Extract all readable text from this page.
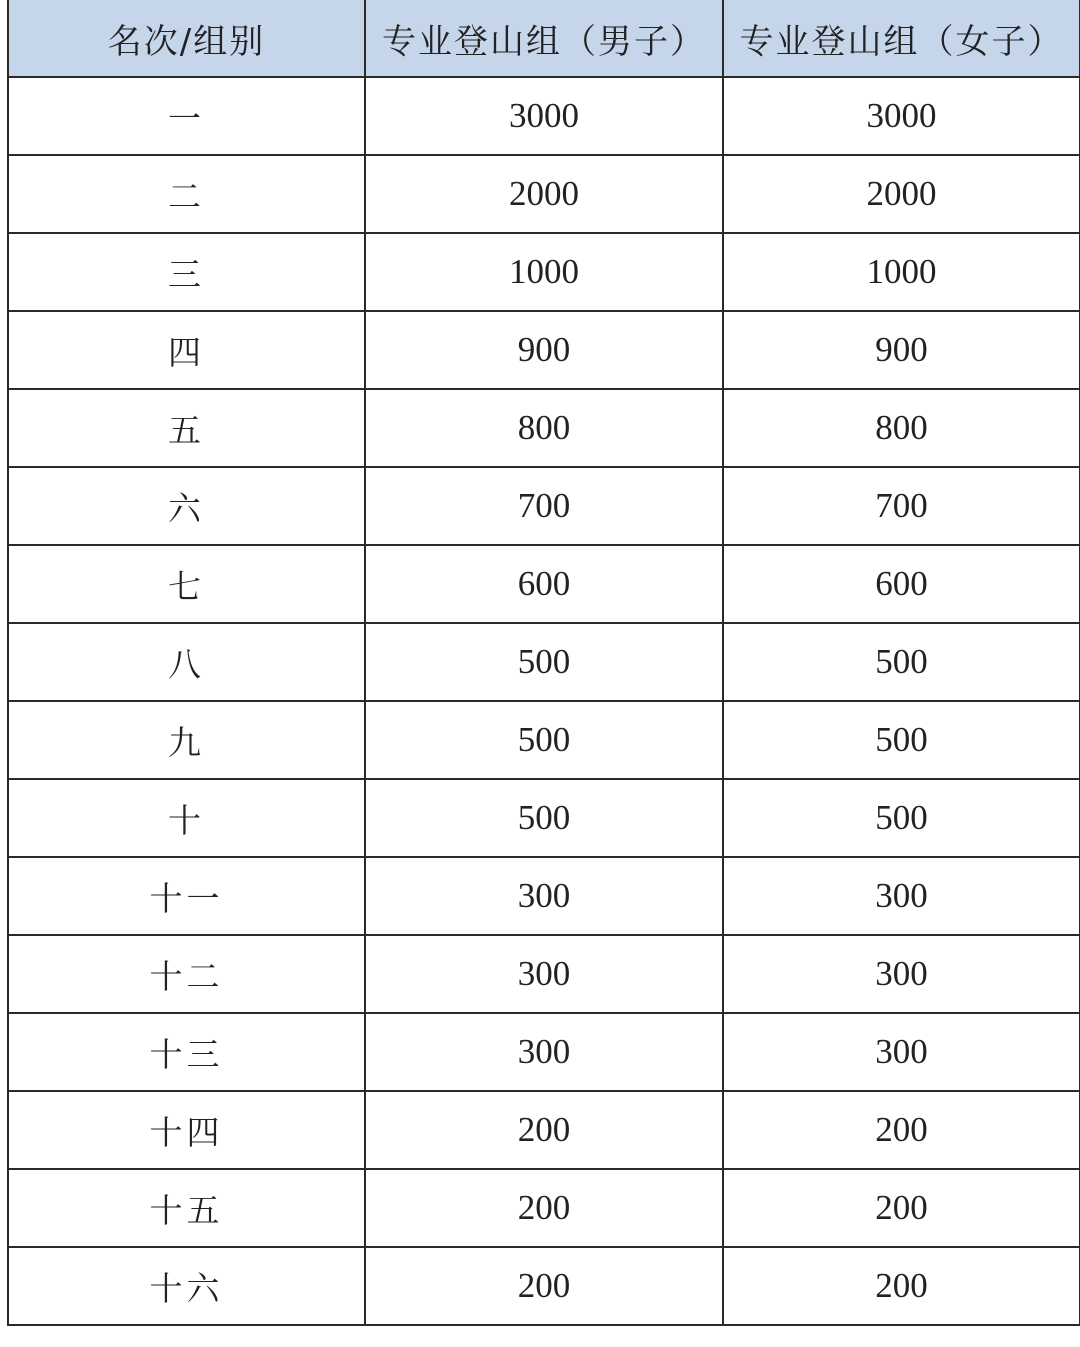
名次/组别	专业登山组（男子）	专业登山组（女子）
一	3000	3000
二	2000	2000
三	1000	1000
四	900	900
五	800	800
六	700	700
七	600	600
八	500	500
九	500	500
十	500	500
十一	300	300
十二	300	300
十三	300	300
十四	200	200
十五	200	200
十六	200	200
